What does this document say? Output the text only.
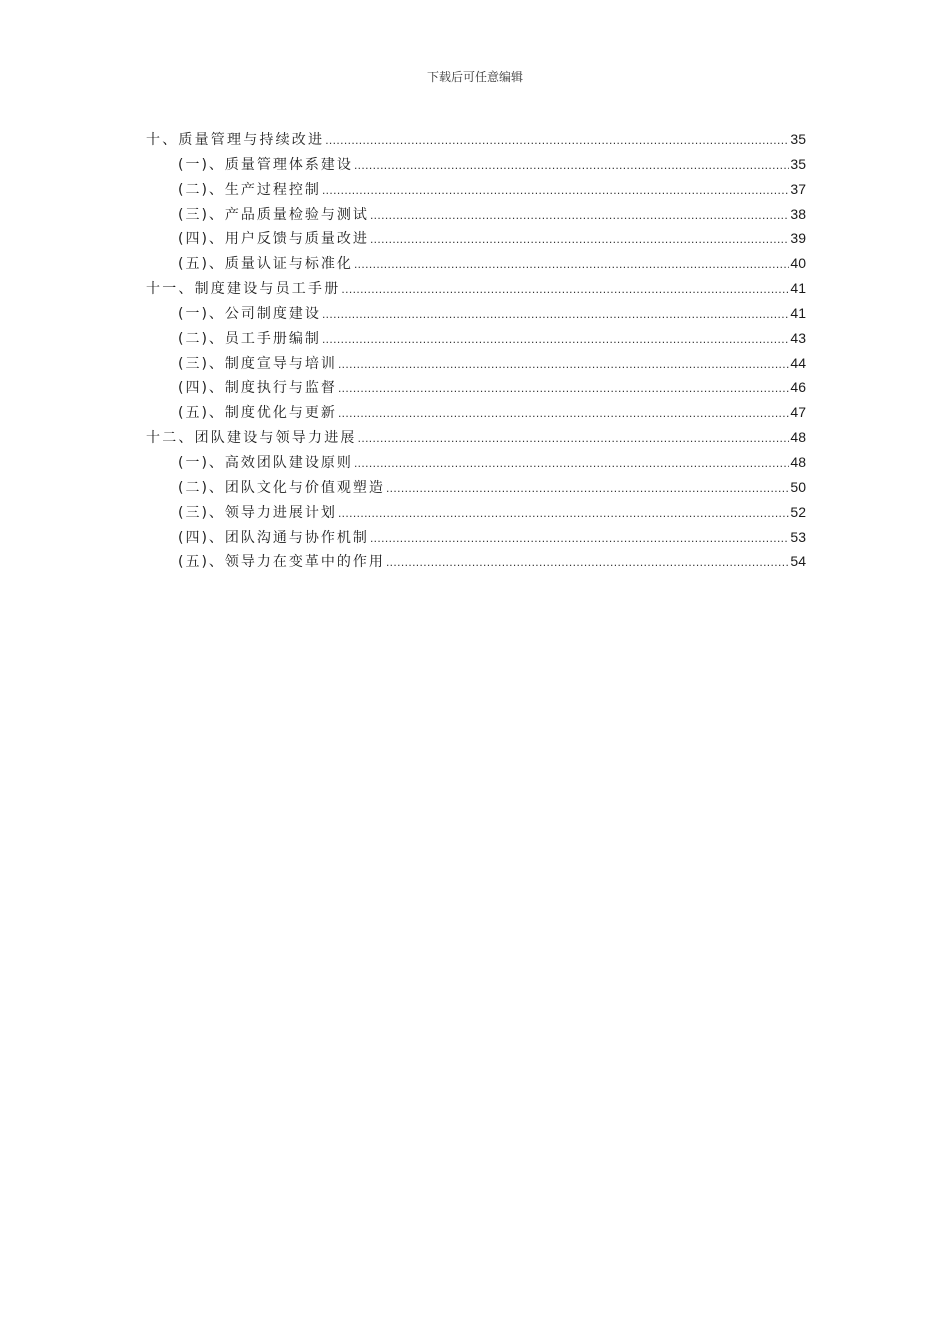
下载后可任意编辑
十、质量管理与持续改进 .....	35
(一)、质量管理体系建设 .....	35
(二)、生产过程控制 .....	37
(三)、产品质量检验与测试 .....	38
(四)、用户反馈与质量改进 .....	39
(五)、质量认证与标准化 .....	40
十一、制度建设与员工手册 .....	41
(一)、公司制度建设 .....	41
(二)、员工手册编制 .....	43
(三)、制度宣导与培训 .....	44
(四)、制度执行与监督 .....	46
(五)、制度优化与更新 .....	47
十二、团队建设与领导力进展 .....	48
(一)、高效团队建设原则 .....	48
(二)、团队文化与价值观塑造 .....	50
(三)、领导力进展计划 .....	52
(四)、团队沟通与协作机制 .....	53
(五)、领导力在变革中的作用 .....	54
